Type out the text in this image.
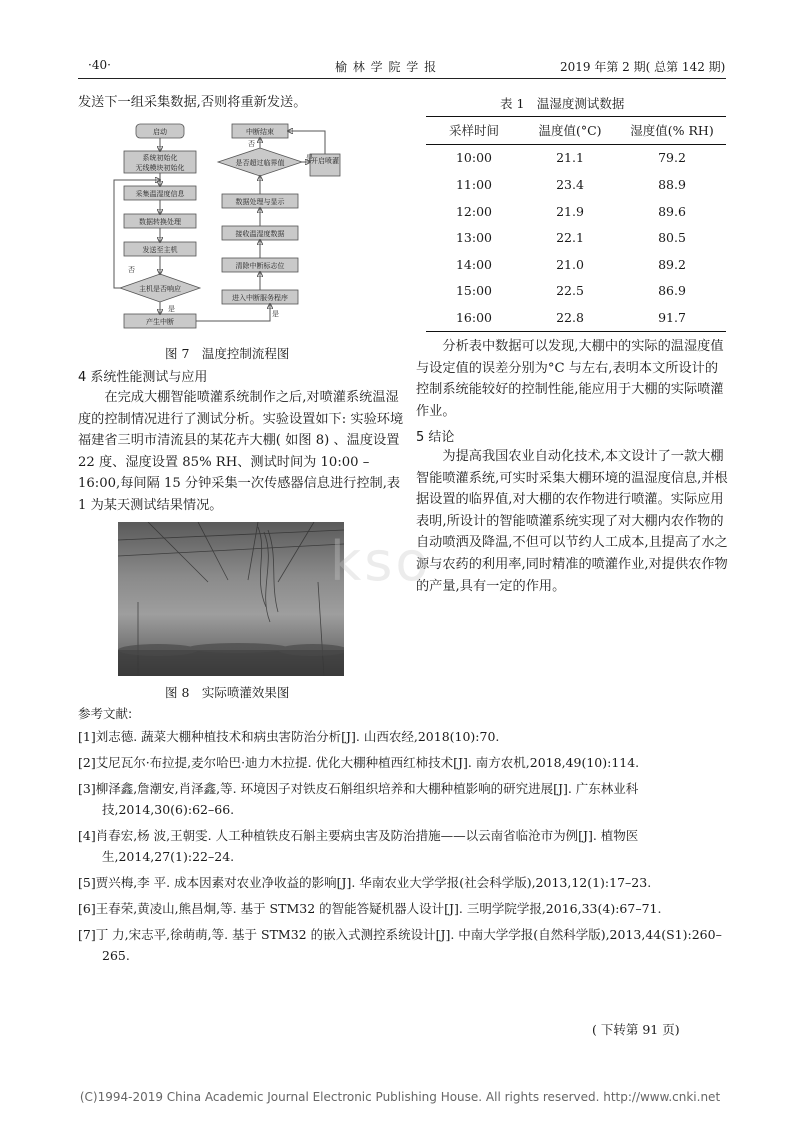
·40·	榆 林 学 院 学 报	2019 年第 2 期( 总第 142 期)
发送下一组采集数据,否则将重新发送。
启动
系统初始化
无线模块初始化
采集温湿度信息
数据转换处理
发送至主机
主机是否响应
产生中断
中断结束
是否超过临界值	开启喷灌
数据处理与显示
接收温湿度数据
清除中断标志位
进入中断服务程序
否
是
是
否
是
图 7　温度控制流程图
4 系统性能测试与应用
在完成大棚智能喷灌系统制作之后,对喷灌系统温湿度的控制情况进行了测试分析。实验设置如下: 实验环境福建省三明市清流县的某花卉大棚( 如图 8) 、温度设置 22 度、湿度设置 85% RH、测试时间为 10:00 – 16:00,每间隔 15 分钟采集一次传感器信息进行控制,表 1 为某天测试结果情况。
图 8　实际喷灌效果图
表 1　温湿度测试数据
采样时间	温度值(°C)	湿度值(% RH)
10:00	21.1	79.2
11:00	23.4	88.9
12:00	21.9	89.6
13:00	22.1	80.5
14:00	21.0	89.2
15:00	22.5	86.9
16:00	22.8	91.7
分析表中数据可以发现,大棚中的实际的温湿度值与设定值的误差分别为°C 与左右,表明本文所设计的控制系统能较好的控制性能,能应用于大棚的实际喷灌作业。
5 结论
为提高我国农业自动化技术,本文设计了一款大棚智能喷灌系统,可实时采集大棚环境的温湿度信息,并根据设置的临界值,对大棚的农作物进行喷灌。实际应用表明,所设计的智能喷灌系统实现了对大棚内农作物的自动喷洒及降温,不但可以节约人工成本,且提高了水之源与农药的利用率,同时精准的喷灌作业,对提供农作物的产量,具有一定的作用。
kso
参考文献:
[1]刘志德. 蔬菜大棚种植技术和病虫害防治分析[J]. 山西农经,2018(10):70.
[2]艾尼瓦尔·布拉提,麦尔哈巴·迪力木拉提. 优化大棚种植西红柿技术[J]. 南方农机,2018,49(10):114.
[3]柳泽鑫,詹潮安,肖泽鑫,等. 环境因子对铁皮石斛组织培养和大棚种植影响的研究进展[J]. 广东林业科技,2014,30(6):62–66.
[4]肖春宏,杨 波,王朝雯. 人工种植铁皮石斛主要病虫害及防治措施——以云南省临沧市为例[J]. 植物医生,2014,27(1):22–24.
[5]贾兴梅,李 平. 成本因素对农业净收益的影响[J]. 华南农业大学学报(社会科学版),2013,12(1):17–23.
[6]王春荣,黄凌山,熊昌炯,等. 基于 STM32 的智能答疑机器人设计[J]. 三明学院学报,2016,33(4):67–71.
[7]丁 力,宋志平,徐萌萌,等. 基于 STM32 的嵌入式测控系统设计[J]. 中南大学学报(自然科学版),2013,44(S1):260–265.
( 下转第 91 页)
(C)1994-2019 China Academic Journal Electronic Publishing House. All rights reserved. http://www.cnki.net
